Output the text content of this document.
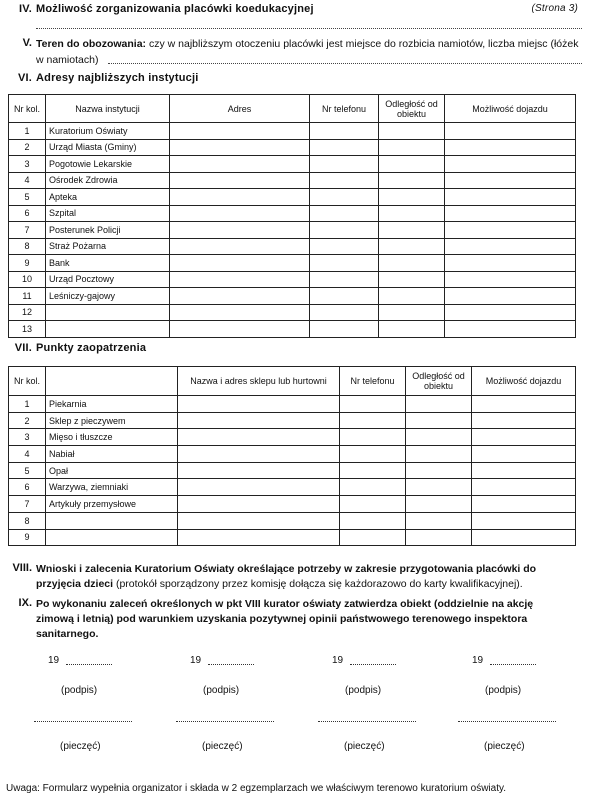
IV. Możliwość zorganizowania placówki koedukacyjnej	(Strona 3)
V. Teren do obozowania: czy w najbliższym otoczeniu placówki jest miejsce do rozbicia namiotów, liczba miejsc (łóżek
w namiotach)
VI. Adresy najbliższych instytucji
Nr kol.	Nazwa instytucji	Adres	Nr telefonu	Odległość od obiektu	Możliwość dojazdu
1	Kuratorium Oświaty				
2	Urząd Miasta (Gminy)				
3	Pogotowie Lekarskie				
4	Ośrodek Zdrowia				
5	Apteka				
6	Szpital				
7	Posterunek Policji				
8	Straż Pożarna				
9	Bank				
10	Urząd Pocztowy				
11	Leśniczy-gajowy				
12					
13					
VII. Punkty zaopatrzenia
Nr kol.		Nazwa i adres sklepu lub hurtowni	Nr telefonu	Odległość od obiektu	Możliwość dojazdu
1	Piekarnia				
2	Sklep z pieczywem				
3	Mięso i tłuszcze				
4	Nabiał				
5	Opał				
6	Warzywa, ziemniaki				
7	Artykuły przemysłowe				
8					
9					
VIII. Wnioski i zalecenia Kuratorium Oświaty określające potrzeby w zakresie przygotowania placówki do
przyjęcia dzieci (protokół sporządzony przez komisję dołącza się każdorazowo do karty kwalifikacyjnej).
IX. Po wykonaniu zaleceń określonych w pkt VIII kurator oświaty zatwierdza obiekt (oddzielnie na akcję
zimową i letnią) pod warunkiem uzyskania pozytywnej opinii państwowego terenowego inspektora
sanitarnego.
19
(podpis)
(pieczęć)
19
(podpis)
(pieczęć)
19
(podpis)
(pieczęć)
19
(podpis)
(pieczęć)
Uwaga: Formularz wypełnia organizator i składa w 2 egzemplarzach we właściwym terenowo kuratorium oświaty.
